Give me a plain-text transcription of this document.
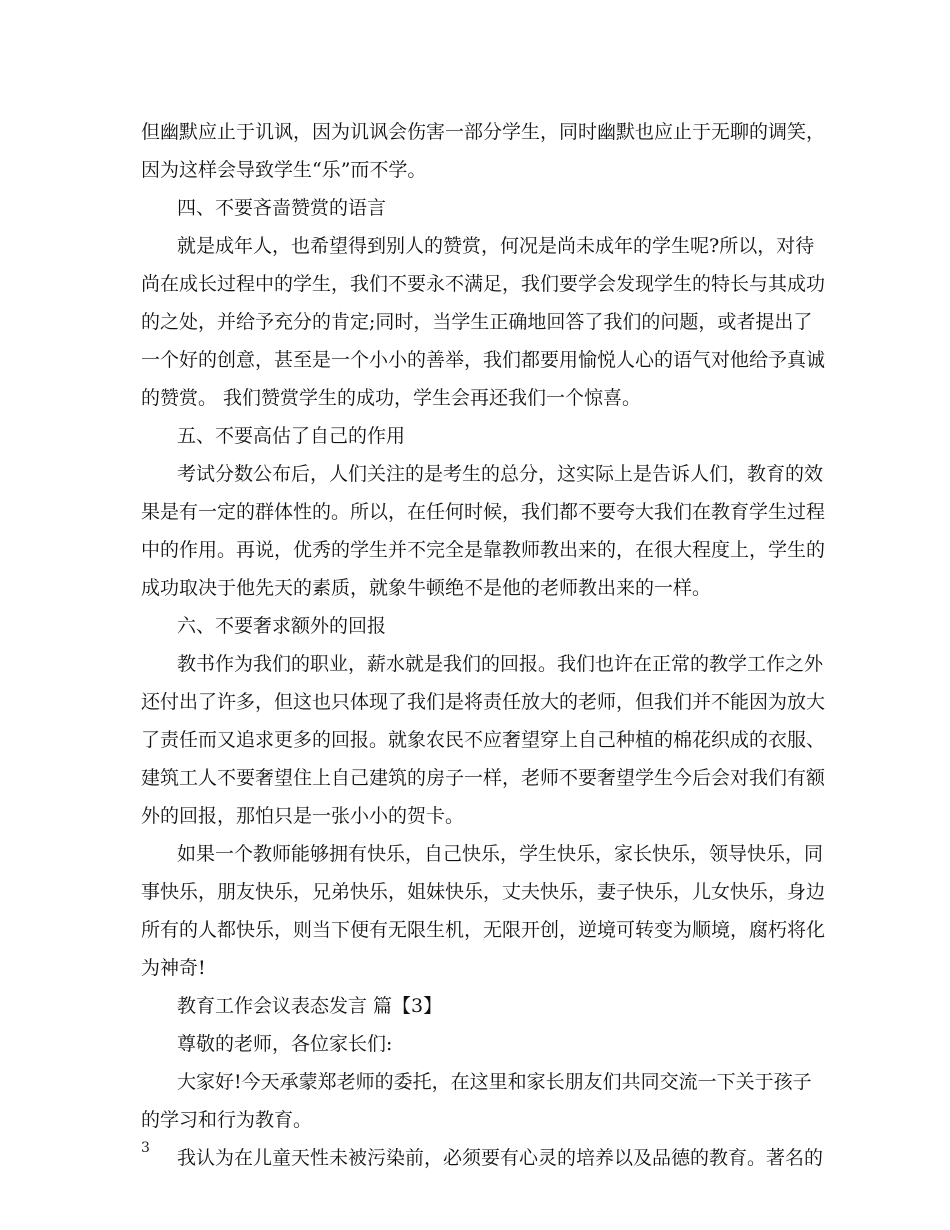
但幽默应止于讥讽，因为讥讽会伤害一部分学生，同时幽默也应止于无聊的调笑，
因为这样会导致学生“乐”而不学。
四、不要吝啬赞赏的语言
就是成年人，也希望得到别人的赞赏，何况是尚未成年的学生呢?所以，对待
尚在成长过程中的学生，我们不要永不满足，我们要学会发现学生的特长与其成功
的之处，并给予充分的肯定;同时，当学生正确地回答了我们的问题，或者提出了
一个好的创意，甚至是一个小小的善举，我们都要用愉悦人心的语气对他给予真诚
的赞赏。 我们赞赏学生的成功，学生会再还我们一个惊喜。
五、不要高估了自己的作用
考试分数公布后，人们关注的是考生的总分，这实际上是告诉人们，教育的效
果是有一定的群体性的。所以，在任何时候，我们都不要夸大我们在教育学生过程
中的作用。再说，优秀的学生并不完全是靠教师教出来的，在很大程度上，学生的
成功取决于他先天的素质，就象牛顿绝不是他的老师教出来的一样。
六、不要奢求额外的回报
教书作为我们的职业，薪水就是我们的回报。我们也许在正常的教学工作之外
还付出了许多，但这也只体现了我们是将责任放大的老师，但我们并不能因为放大
了责任而又追求更多的回报。就象农民不应奢望穿上自己种植的棉花织成的衣服、
建筑工人不要奢望住上自己建筑的房子一样，老师不要奢望学生今后会对我们有额
外的回报，那怕只是一张小小的贺卡。
如果一个教师能够拥有快乐，自己快乐，学生快乐，家长快乐，领导快乐，同
事快乐，朋友快乐，兄弟快乐，姐妹快乐，丈夫快乐，妻子快乐，儿女快乐，身边
所有的人都快乐，则当下便有无限生机，无限开创，逆境可转变为顺境，腐朽将化
为神奇!
教育工作会议表态发言 篇【3】
尊敬的老师，各位家长们:
大家好!今天承蒙郑老师的委托，在这里和家长朋友们共同交流一下关于孩子
的学习和行为教育。
我认为在儿童天性未被污染前，必须要有心灵的培养以及品德的教育。著名的
3
